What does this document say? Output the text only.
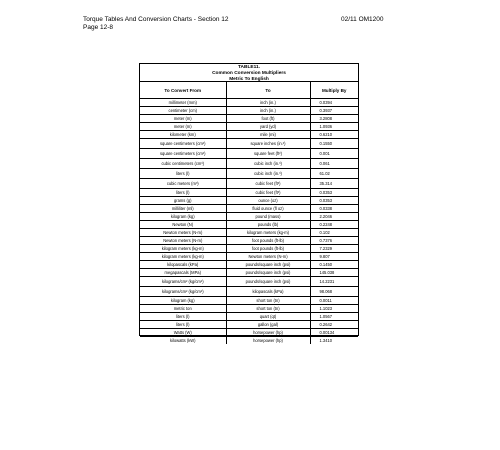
Torque Tables And Conversion Charts - Section 12
Page 12-8
02/11 OM1200
TABLE11.
Common Conversion Multipliers
Metric To English
To Convert From	To	Multiply By
millimeter (mm)	inch (in.)	0.0394
centimeter (cm)	inch (in.)	0.3937
meter (m)	foot (ft)	3.2808
meter (m)	yard (yd)	1.0936
kilometer (km)	mile (mi)	0.6210
square centimeters (cm²)	square inches (in.²)	0.1550
square centimeters (cm²)	square feet (ft²)	0.001
cubic centimeters (cm³)	cubic inch (in.³)	0.061
liters (l)	cubic inch (in.³)	61.02
cubic meters (m³)	cubic feet (ft³)	35.314
liters (l)	cubic feet (ft³)	0.0353
grams (g)	ounce (oz)	0.0353
milliliter (ml)	fluid ounce (fl oz)	0.0338
kilogram (kg)	pound (mass)	2.2046
Newton (N)	pounds (lb)	0.2248
Newton meters (N-m)	kilogram meters (kg-m)	0.102
Newton meters (N-m)	foot pounds (ft-lb)	0.7376
kilogram meters (kg-m)	foot pounds (ft-lb)	7.2329
kilogram meters (kg-m)	Newton meters (N-m)	9.807
kilopascals (kPa)	pounds/square inch (psi)	0.1450
megapascals (MPa)	pounds/square inch (psi)	145.038
kilograms/cm² (kg/cm²)	pounds/square inch (psi)	14.2231
kilograms/cm² (kg/cm²)	kilopascals (kPa)	98.068
kilogram (kg)	short ton (tn)	0.0011
metric ton	short ton (tn)	1.1023
liters (l)	quart (qt)	1.0567
liters (l)	gallon (gal)	0.2642
Watts (W)	horsepower (hp)	0.00134
kilowatts (kW)	horsepower (hp)	1.3410
